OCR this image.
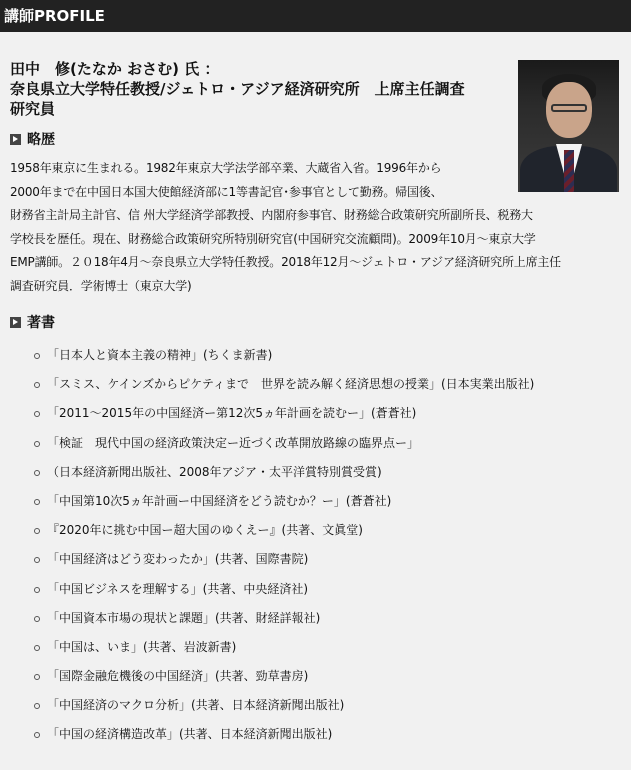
講師PROFILE
田中　修(たなか おさむ) 氏 ：
奈良県立大学特任教授/ジェトロ・アジア経済研究所　上席主任調査
研究員
略歴
1958年東京に生まれる。1982年東京大学法学部卒業、大蔵省入省。1996年から
2000年まで在中国日本国大使館経済部に1等書記官･参事官として勤務。帰国後、
財務省主計局主計官、信 州大学経済学部教授、内閣府参事官、財務総合政策研究所副所長、税務大
学校長を歴任。現在、財務総合政策研究所特別研究官(中国研究交流顧問)。2009年10月〜東京大学
EMP講師。２０18年4月〜奈良県立大学特任教授。2018年12月〜ジェトロ・アジア経済研究所上席主任
調査研究員．学術博士（東京大学)
著書
「日本人と資本主義の精神」(ちくま新書)
「スミス、ケインズからピケティまで　世界を読み解く経済思想の授業」(日本実業出版社)
「2011〜2015年の中国経済ー第12次5ヵ年計画を読むー」(蒼蒼社)
「検証　現代中国の経済政策決定ー近づく改革開放路線の臨界点ー」
（日本経済新聞出版社、2008年アジア・太平洋賞特別賞受賞)
「中国第10次5ヵ年計画ー中国経済をどう読むか？ー」(蒼蒼社)
『2020年に挑む中国ー超大国のゆくえー』(共著、文眞堂)
「中国経済はどう変わったか」(共著、国際書院)
「中国ビジネスを理解する」(共著、中央経済社)
「中国資本市場の現状と課題」(共著、財経詳報社)
「中国は、いま」(共著、岩波新書)
「国際金融危機後の中国経済」(共著、勁草書房)
「中国経済のマクロ分析」(共著、日本経済新聞出版社)
「中国の経済構造改革」(共著、日本経済新聞出版社)
